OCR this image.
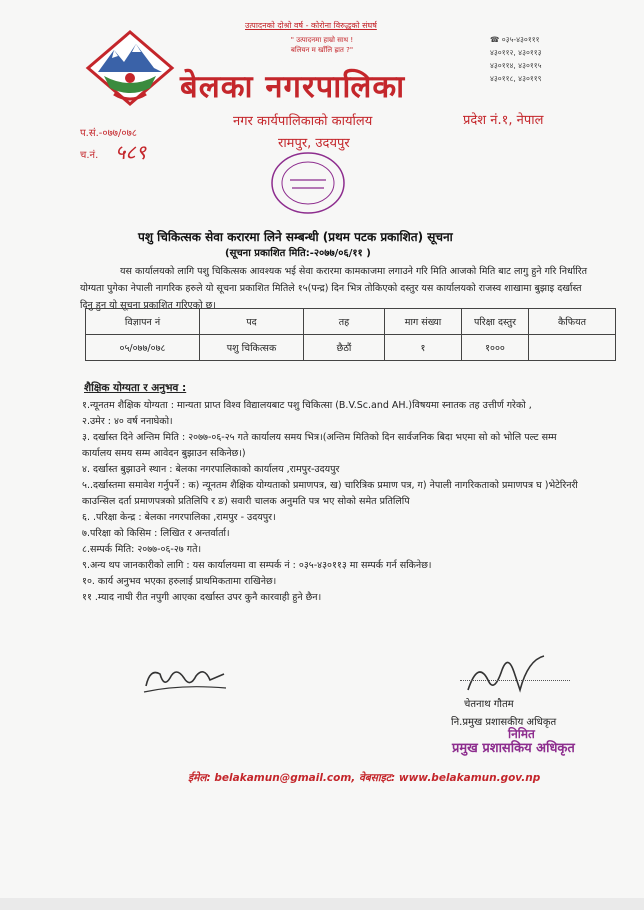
उत्पादनको दोश्रो वर्ष - कोरोना विरुद्धको संघर्ष
" उत्पादनमा हाम्रो साथ !
बलियन म खाँलि ह्रात ?"
☎ ०३५-४३०१११
४३०११२, ४३०११३
४३०११४, ४३०११५
४३०११८, ४३०११९
बेलका नगरपालिका
नगर कार्यपालिकाको कार्यालय
रामपुर, उदयपुर
प्रदेश नं.१, नेपाल
प.सं.-०७७/०७८
च.नं. ५८९
पशु चिकित्सक सेवा करारमा लिने सम्बन्धी (प्रथम पटक प्रकाशित) सूचना
(सूचना प्रकाशित मिति:-२०७७/०६/११ )
यस कार्यालयको लागि पशु चिकित्सक आवश्यक भई सेवा करारमा कामकाजमा लगाउने गरि मिति आजको मिति बाट लागु हुने गरि निर्धारित योग्यता पुगेका नेपाली नागरिक हरुले यो सूचना प्रकाशित मितिले १५(पन्द्र) दिन भित्र तोकिएको दस्तुर यस कार्यालयको राजस्व शाखामा बुझाइ दर्खास्त दिनु हुन यो सूचना प्रकाशित गरिएको छ।
विज्ञापन नं	पद	तह	माग संख्या	परिक्षा दस्तुर	कैफियत
०५/०७७/०७८	पशु चिकित्सक	छैठौं	१	१०००	
शैक्षिक योग्यता र अनुभव :
१.न्यूनतम शैक्षिक योग्यता : मान्यता प्राप्त विश्व विद्यालयबाट पशु चिकित्सा (B.V.Sc.and AH.)विषयमा स्नातक तह उत्तीर्ण गरेको ,
२.उमेर : ४० वर्ष ननाघेको।
३. दर्खास्त दिने अन्तिम मिति : २०७७-०६-२५ गते कार्यालय समय भित्र।(अन्तिम मितिको दिन सार्वजनिक बिदा भएमा सो को भोलि पल्ट सम्म कार्यालय समय सम्म आवेदन बुझाउन सकिनेछ।)
४. दर्खास्त बुझाउने स्थान : बेलका नगरपालिकाको कार्यालय ,रामपुर-उदयपुर
५..दर्खास्तमा समावेश गर्नुपर्ने : क) न्यूनतम शैक्षिक योग्यताको प्रमाणपत्र, ख) चारित्रिक प्रमाण पत्र, ग) नेपाली नागरिकताको प्रमाणपत्र घ )भेटेरिनरी काउन्सिल दर्ता प्रमाणपत्रको प्रतिलिपि र ङ) सवारी चालक अनुमति पत्र भए सोको समेत प्रतिलिपि
६. .परिक्षा केन्द्र : बेलका नगरपालिका ,रामपुर - उदयपुर।
७.परिक्षा को किसिम : लिखित र अन्तर्वार्ता।
८.सम्पर्क मिति: २०७७-०६-२७ गते।
९.अन्य थप जानकारीको लागि : यस कार्यालयमा वा सम्पर्क नं : ०३५-४३०११३ मा सम्पर्क गर्न सकिनेछ।
१०. कार्य अनुभव भएका हरुलाई प्राथमिकतामा राखिनेछ।
११ .म्याद नाघी रीत नपुगी आएका दर्खास्त उपर कुनै कारवाही हुने छैन।
चेतनाथ गौतम
नि.प्रमुख प्रशासकीय अधिकृत
निमित
प्रमुख प्रशासकिय अधिकृत
ईमेल: belakamun@gmail.com, वेबसाइट: www.belakamun.gov.np
